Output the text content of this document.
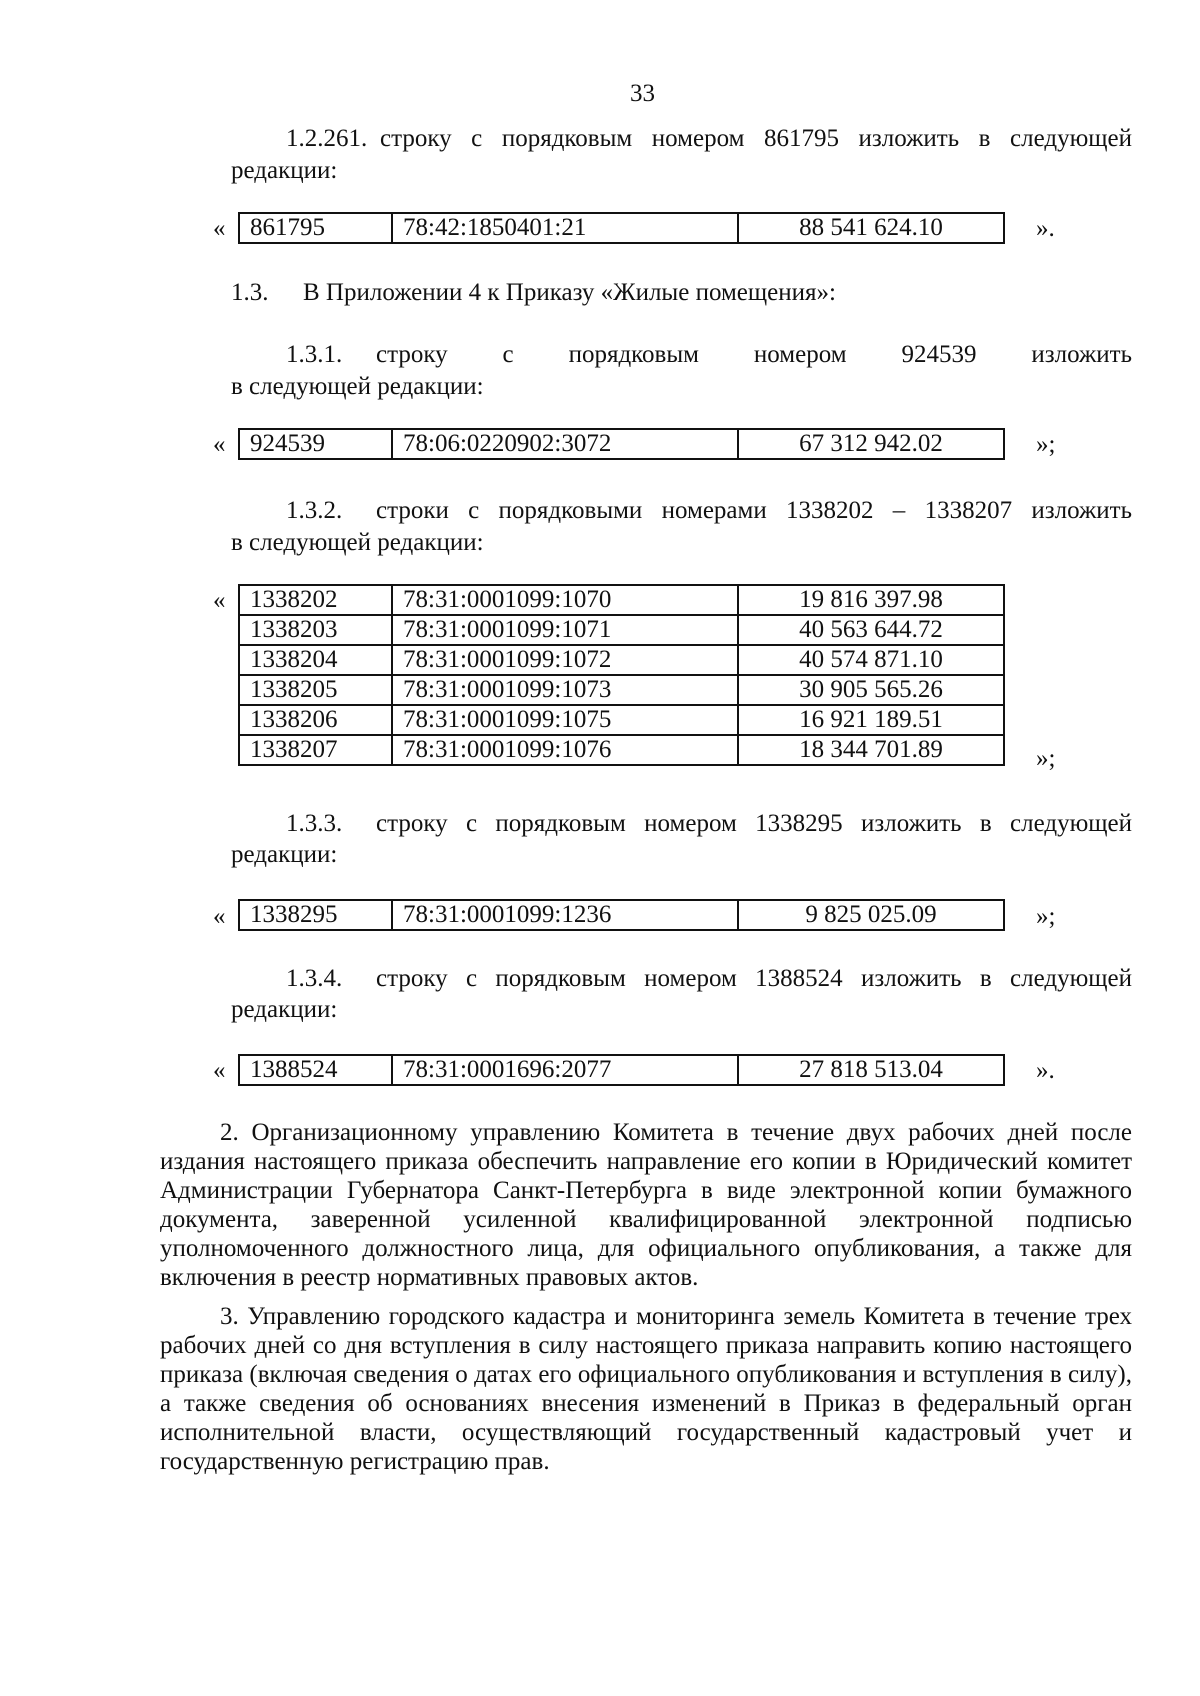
33
1.2.261. строку с порядковым номером 861795 изложить в следующей
редакции:
« 861795	78:42:1850401:21	88 541 624.10	».
1.3. В Приложении 4 к Приказу «Жилые помещения»:
1.3.1. строку с порядковым номером 924539 изложить
в следующей редакции:
« 924539	78:06:0220902:3072	67 312 942.02	»;
1.3.2. строки с порядковыми номерами 1338202 – 1338207 изложить
в следующей редакции:
« 1338202	78:31:0001099:1070	19 816 397.98
1338203	78:31:0001099:1071	40 563 644.72
1338204	78:31:0001099:1072	40 574 871.10
1338205	78:31:0001099:1073	30 905 565.26
1338206	78:31:0001099:1075	16 921 189.51
1338207	78:31:0001099:1076	18 344 701.89	»;
1.3.3. строку с порядковым номером 1338295 изложить в следующей
редакции:
« 1338295	78:31:0001099:1236	9 825 025.09	»;
1.3.4. строку с порядковым номером 1388524 изложить в следующей
редакции:
« 1388524	78:31:0001696:2077	27 818 513.04	».

2. Организационному управлению Комитета в течение двух рабочих дней после издания настоящего приказа обеспечить направление его копии в Юридический комитет Администрации Губернатора Санкт-Петербурга в виде электронной копии бумажного документа, заверенной усиленной квалифицированной электронной подписью уполномоченного должностного лица, для официального опубликования, а также для включения в реестр нормативных правовых актов.

3. Управлению городского кадастра и мониторинга земель Комитета в течение трех рабочих дней со дня вступления в силу настоящего приказа направить копию настоящего приказа (включая сведения о датах его официального опубликования и вступления в силу), а также сведения об основаниях внесения изменений в Приказ в федеральный орган исполнительной власти, осуществляющий государственный кадастровый учет и государственную регистрацию прав.
